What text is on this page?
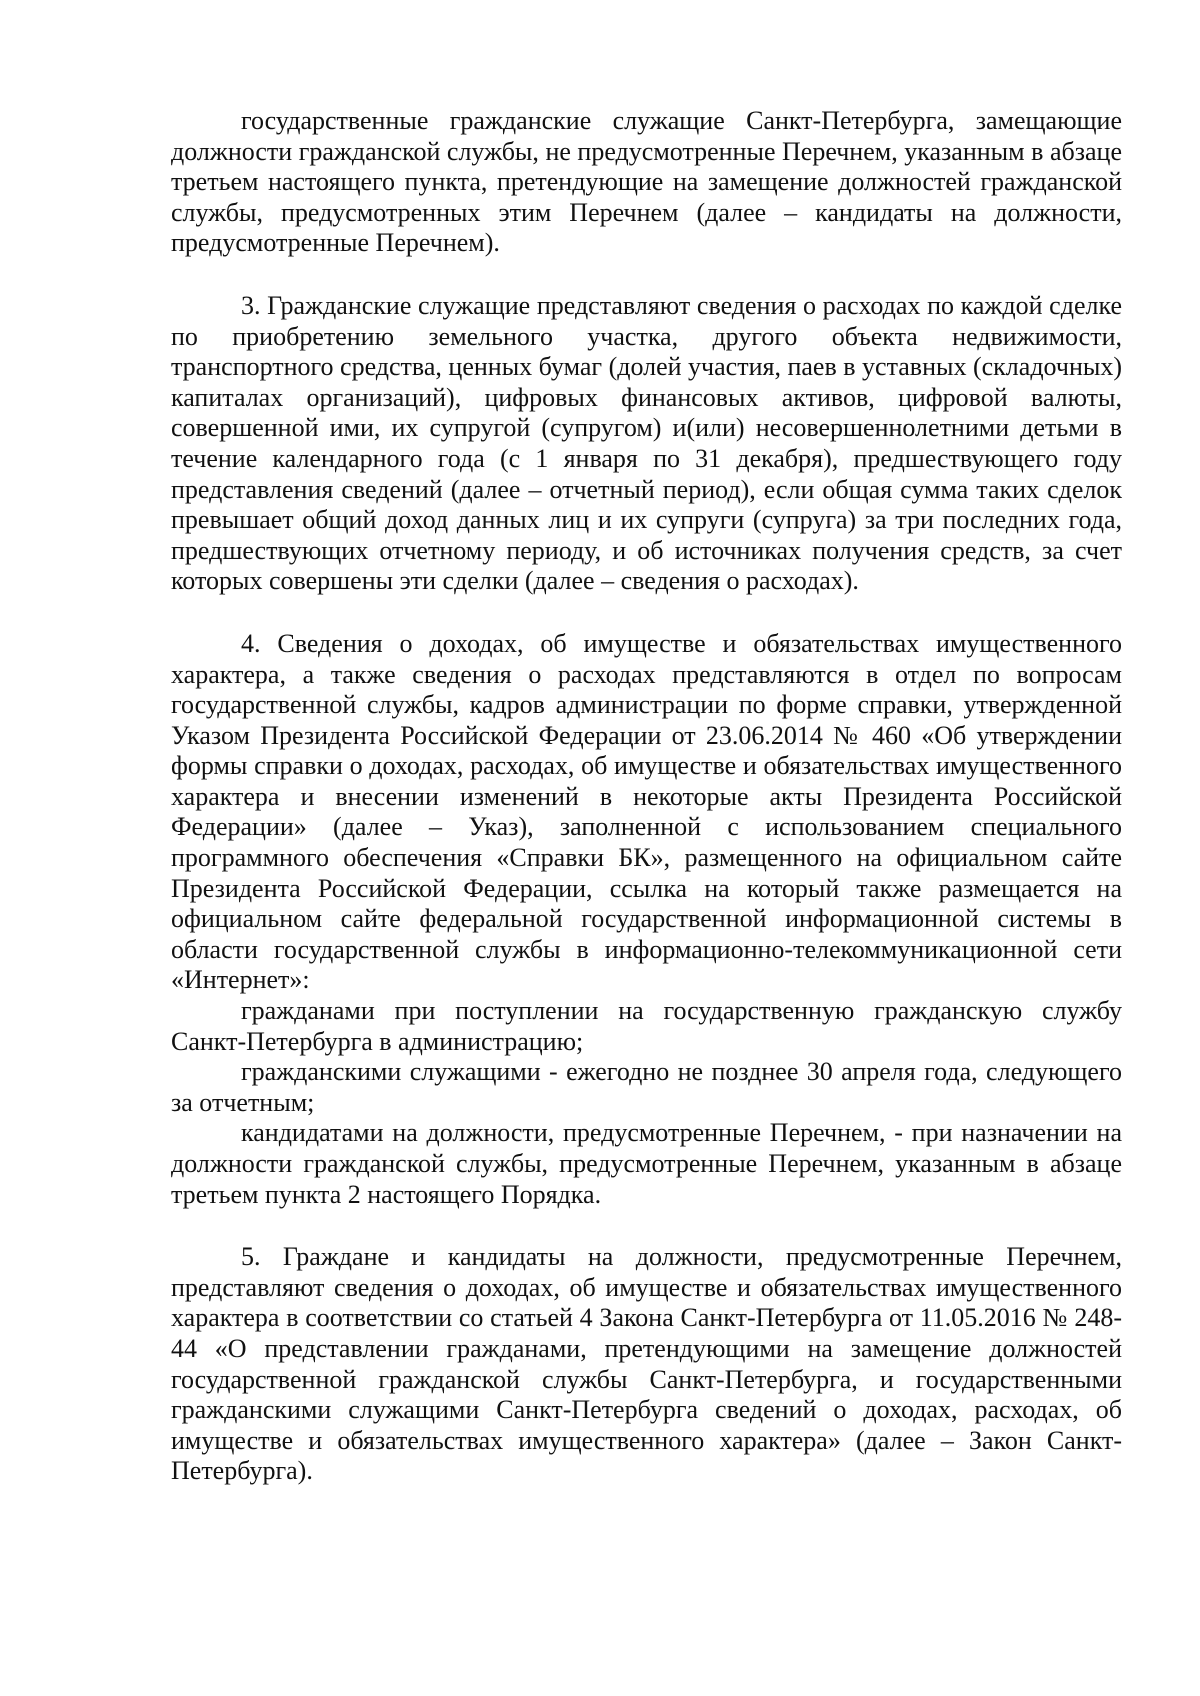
государственные гражданские служащие Санкт-Петербурга, замещающие должности гражданской службы, не предусмотренные Перечнем, указанным в абзаце третьем настоящего пункта, претендующие на замещение должностей гражданской службы, предусмотренных этим Перечнем (далее – кандидаты на должности, предусмотренные Перечнем).

3. Гражданские служащие представляют сведения о расходах по каждой сделке по приобретению земельного участка, другого объекта недвижимости, транспортного средства, ценных бумаг (долей участия, паев в уставных (складочных) капиталах организаций), цифровых финансовых активов, цифровой валюты, совершенной ими, их супругой (супругом) и(или) несовершеннолетними детьми в течение календарного года (с 1 января по 31 декабря), предшествующего году представления сведений (далее – отчетный период), если общая сумма таких сделок превышает общий доход данных лиц и их супруги (супруга) за три последних года, предшествующих отчетному периоду, и об источниках получения средств, за счет которых совершены эти сделки (далее – сведения о расходах).

4. Сведения о доходах, об имуществе и обязательствах имущественного характера, а также сведения о расходах представляются в отдел по вопросам государственной службы, кадров администрации по форме справки, утвержденной Указом Президента Российской Федерации от 23.06.2014 № 460 «Об утверждении формы справки о доходах, расходах, об имуществе и обязательствах имущественного характера и внесении изменений в некоторые акты Президента Российской Федерации» (далее – Указ), заполненной с использованием специального программного обеспечения «Справки БК», размещенного на официальном сайте Президента Российской Федерации, ссылка на который также размещается на официальном сайте федеральной государственной информационной системы в области государственной службы в информационно-телекоммуникационной сети «Интернет»:

гражданами при поступлении на государственную гражданскую службу Санкт-Петербурга в администрацию;

гражданскими служащими - ежегодно не позднее 30 апреля года, следующего за отчетным;

кандидатами на должности, предусмотренные Перечнем, - при назначении на должности гражданской службы, предусмотренные Перечнем, указанным в абзаце третьем пункта 2 настоящего Порядка.

5. Граждане и кандидаты на должности, предусмотренные Перечнем, представляют сведения о доходах, об имуществе и обязательствах имущественного характера в соответствии со статьей 4 Закона Санкт-Петербурга от 11.05.2016 № 248-44 «О представлении гражданами, претендующими на замещение должностей государственной гражданской службы Санкт-Петербурга, и государственными гражданскими служащими Санкт-Петербурга сведений о доходах, расходах, об имуществе и обязательствах имущественного характера» (далее – Закон Санкт-Петербурга).
